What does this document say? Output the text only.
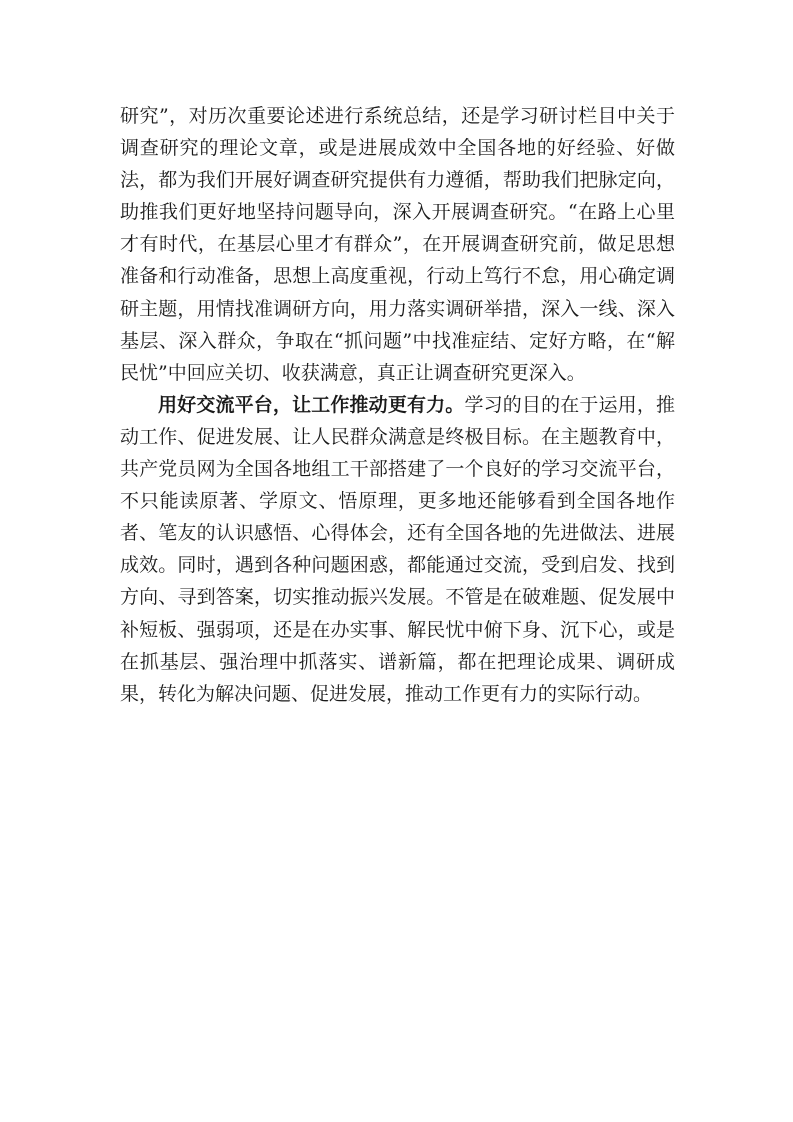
研究”，对历次重要论述进行系统总结，还是学习研讨栏目中关于调查研究的理论文章，或是进展成效中全国各地的好经验、好做法，都为我们开展好调查研究提供有力遵循，帮助我们把脉定向，助推我们更好地坚持问题导向，深入开展调查研究。“在路上心里才有时代，在基层心里才有群众”，在开展调查研究前，做足思想准备和行动准备，思想上高度重视，行动上笃行不怠，用心确定调研主题，用情找准调研方向，用力落实调研举措，深入一线、深入基层、深入群众，争取在“抓问题”中找准症结、定好方略，在“解民忧”中回应关切、收获满意，真正让调查研究更深入。

用好交流平台，让工作推动更有力。学习的目的在于运用，推动工作、促进发展、让人民群众满意是终极目标。在主题教育中，共产党员网为全国各地组工干部搭建了一个良好的学习交流平台，不只能读原著、学原文、悟原理，更多地还能够看到全国各地作者、笔友的认识感悟、心得体会，还有全国各地的先进做法、进展成效。同时，遇到各种问题困惑，都能通过交流，受到启发、找到方向、寻到答案，切实推动振兴发展。不管是在破难题、促发展中补短板、强弱项，还是在办实事、解民忧中俯下身、沉下心，或是在抓基层、强治理中抓落实、谱新篇，都在把理论成果、调研成果，转化为解决问题、促进发展，推动工作更有力的实际行动。
